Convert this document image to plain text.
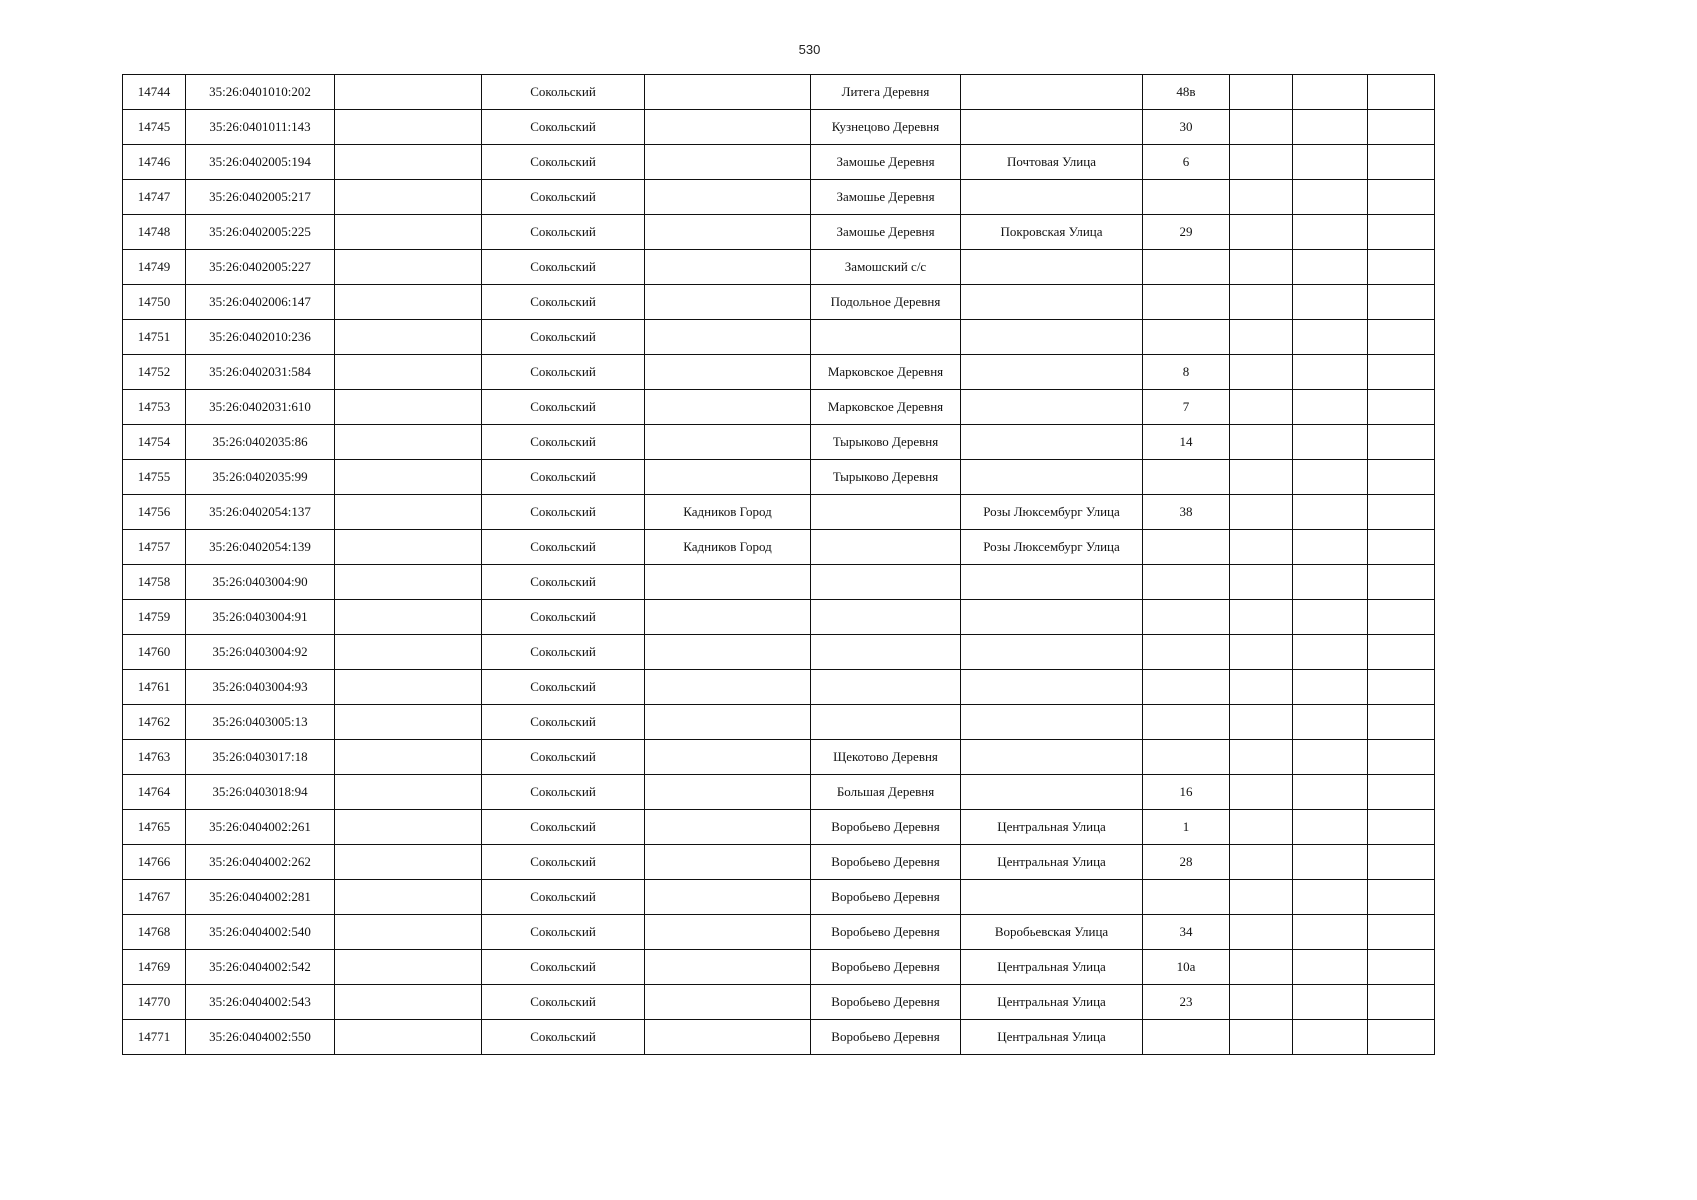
530
14744	35:26:0401010:202		Сокольский		Литега Деревня		48в			
14745	35:26:0401011:143		Сокольский		Кузнецово Деревня		30			
14746	35:26:0402005:194		Сокольский		Замошье Деревня	Почтовая Улица	6			
14747	35:26:0402005:217		Сокольский		Замошье Деревня					
14748	35:26:0402005:225		Сокольский		Замошье Деревня	Покровская Улица	29			
14749	35:26:0402005:227		Сокольский		Замошский с/с					
14750	35:26:0402006:147		Сокольский		Подольное Деревня					
14751	35:26:0402010:236		Сокольский							
14752	35:26:0402031:584		Сокольский		Марковское Деревня		8			
14753	35:26:0402031:610		Сокольский		Марковское Деревня		7			
14754	35:26:0402035:86		Сокольский		Тырыково Деревня		14			
14755	35:26:0402035:99		Сокольский		Тырыково Деревня					
14756	35:26:0402054:137		Сокольский	Кадников Город		Розы Люксембург Улица	38			
14757	35:26:0402054:139		Сокольский	Кадников Город		Розы Люксембург Улица				
14758	35:26:0403004:90		Сокольский							
14759	35:26:0403004:91		Сокольский							
14760	35:26:0403004:92		Сокольский							
14761	35:26:0403004:93		Сокольский							
14762	35:26:0403005:13		Сокольский							
14763	35:26:0403017:18		Сокольский		Щекотово Деревня					
14764	35:26:0403018:94		Сокольский		Большая Деревня		16			
14765	35:26:0404002:261		Сокольский		Воробьево Деревня	Центральная Улица	1			
14766	35:26:0404002:262		Сокольский		Воробьево Деревня	Центральная Улица	28			
14767	35:26:0404002:281		Сокольский		Воробьево Деревня					
14768	35:26:0404002:540		Сокольский		Воробьево Деревня	Воробьевская Улица	34			
14769	35:26:0404002:542		Сокольский		Воробьево Деревня	Центральная Улица	10а			
14770	35:26:0404002:543		Сокольский		Воробьево Деревня	Центральная Улица	23			
14771	35:26:0404002:550		Сокольский		Воробьево Деревня	Центральная Улица				
